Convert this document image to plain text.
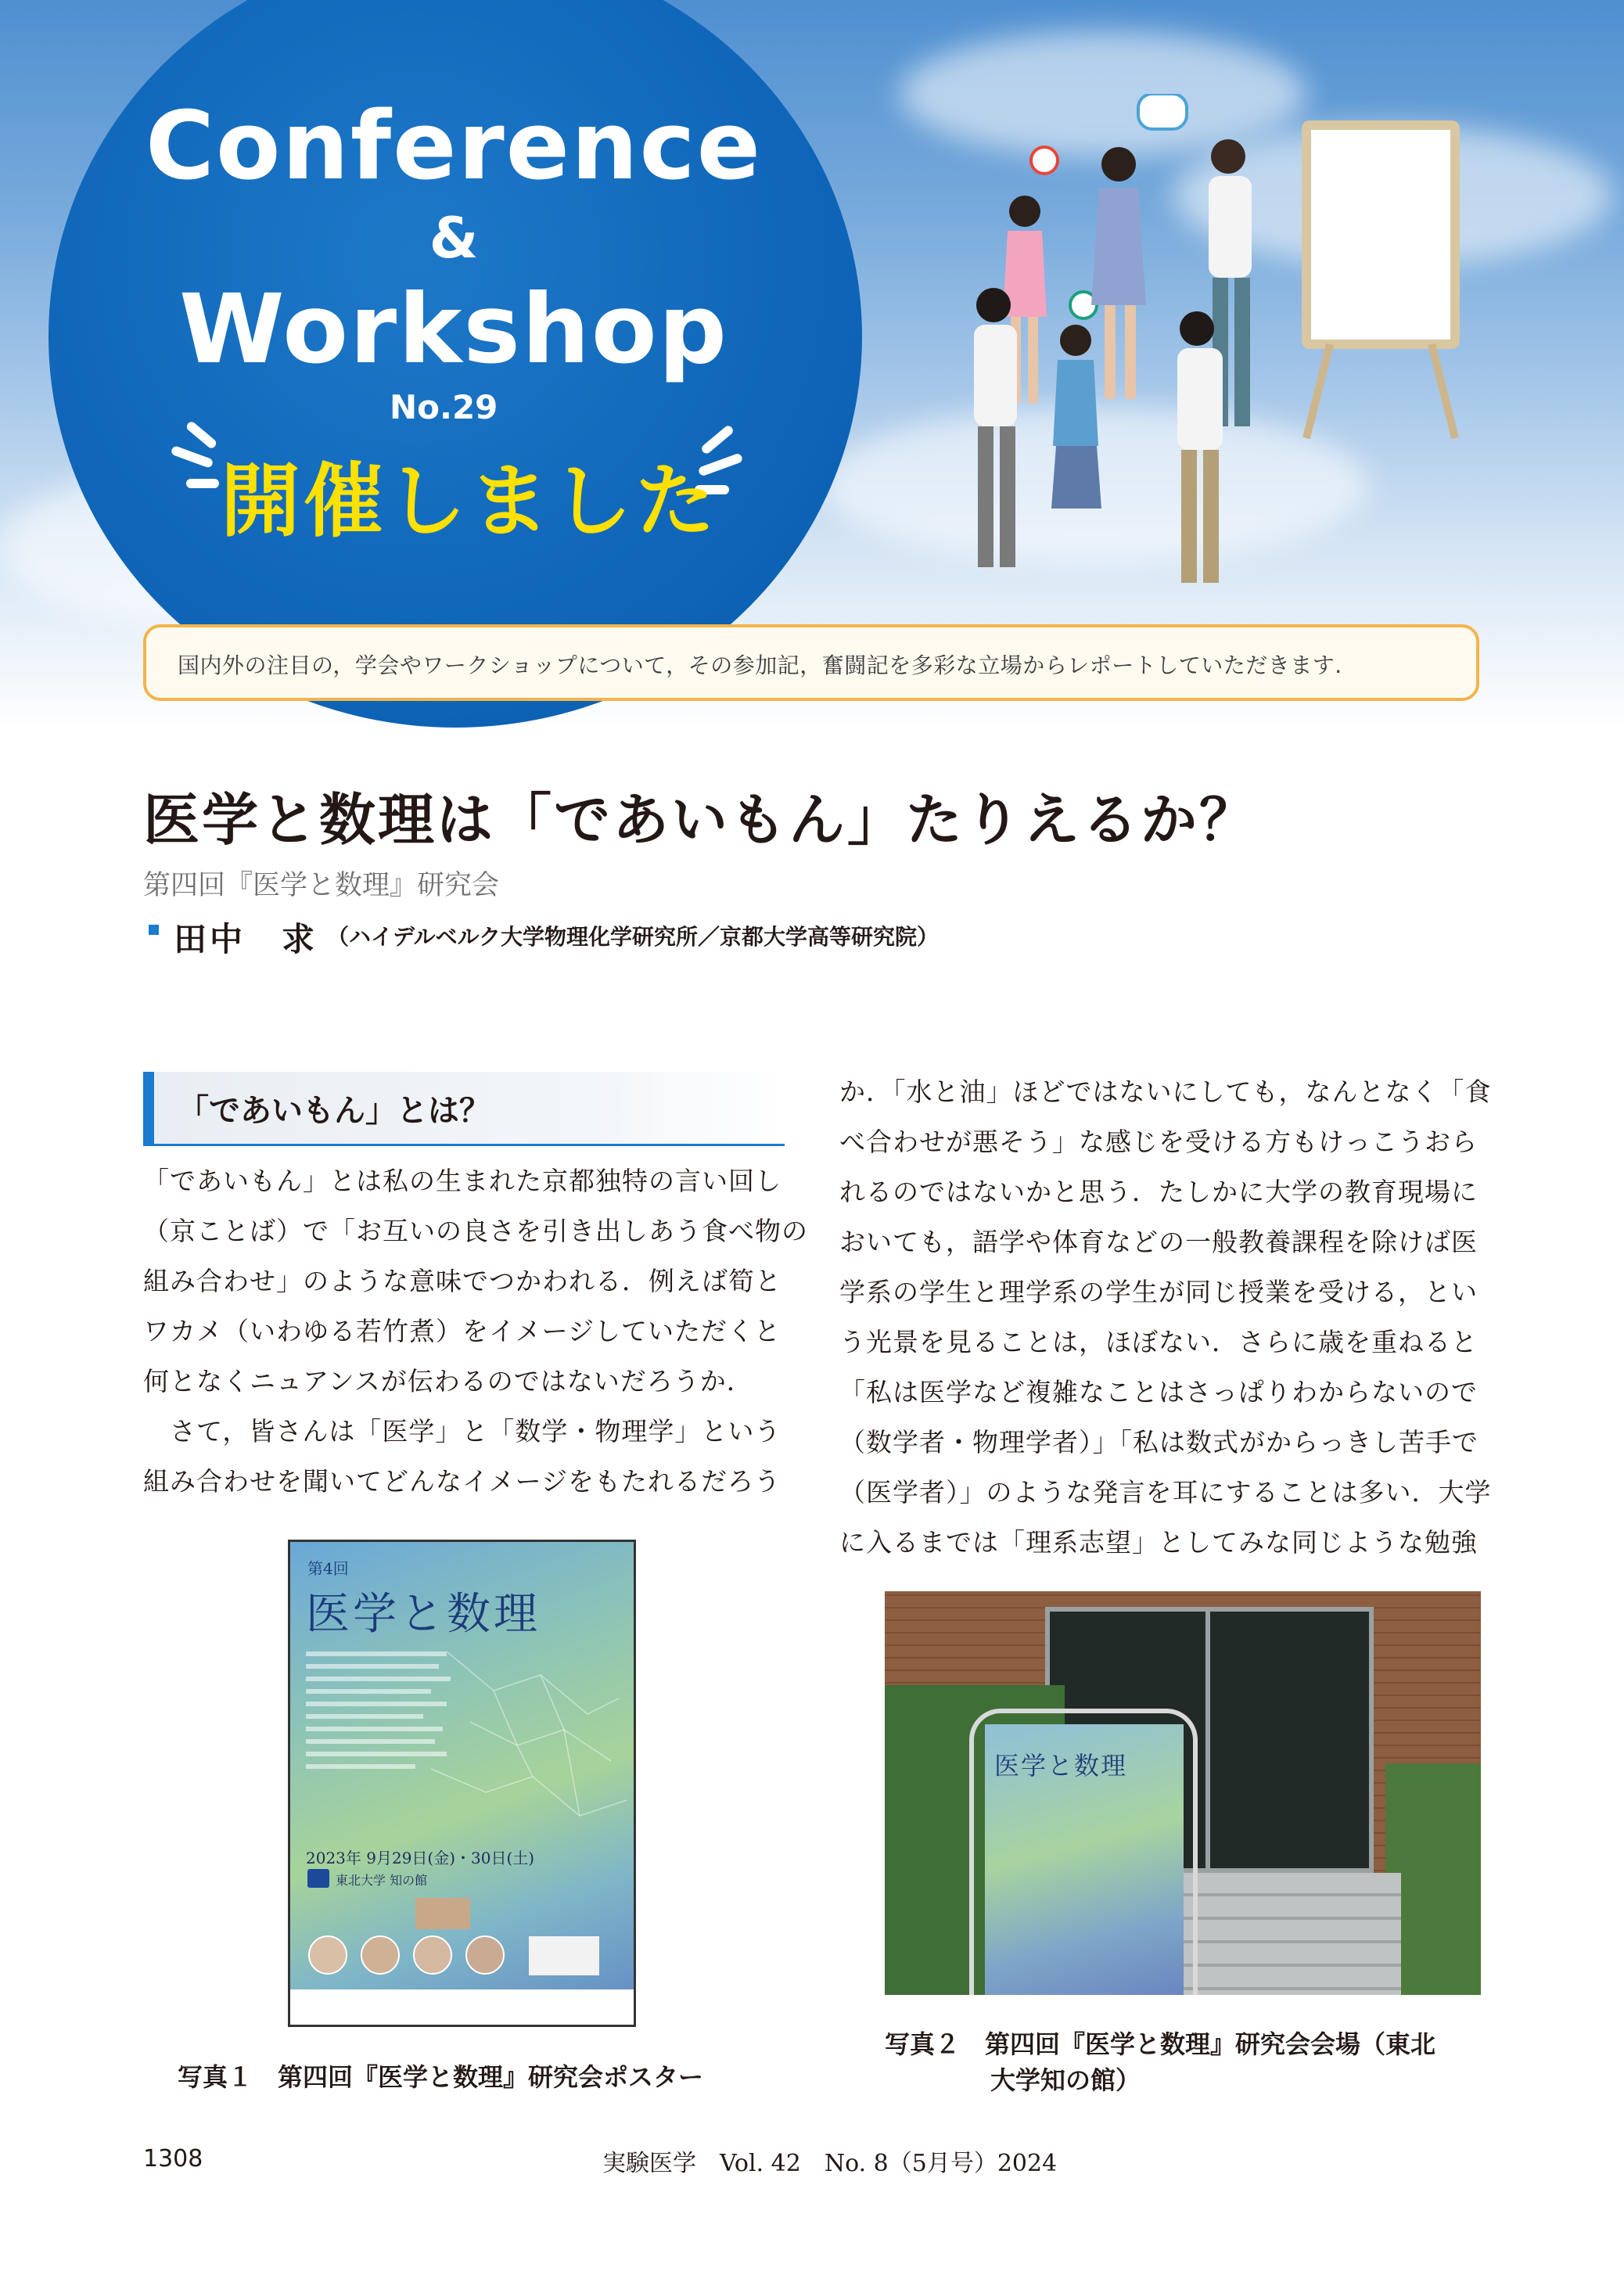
Conference
&
Workshop
No.29
開催しました
国内外の注目の，学会やワークショップについて，その参加記，奮闘記を多彩な立場からレポートしていただきます.
医学と数理は「であいもん」たりえるか？
第四回『医学と数理』研究会
田中　求 （ハイデルベルク大学物理化学研究所／京都大学高等研究院）
「であいもん」とは？
「であいもん」とは私の生まれた京都独特の言い回し
（京ことば）で「お互いの良さを引き出しあう食べ物の
組み合わせ」のような意味でつかわれる．例えば筍と
ワカメ（いわゆる若竹煮）をイメージしていただくと
何となくニュアンスが伝わるのではないだろうか．
　さて，皆さんは「医学」と「数学・物理学」という
組み合わせを聞いてどんなイメージをもたれるだろう
か．「水と油」ほどではないにしても，なんとなく「食
べ合わせが悪そう」な感じを受ける方もけっこうおら
れるのではないかと思う．たしかに大学の教育現場に
おいても，語学や体育などの一般教養課程を除けば医
学系の学生と理学系の学生が同じ授業を受ける，とい
う光景を見ることは，ほぼない．さらに歳を重ねると
「私は医学など複雑なことはさっぱりわからないので
（数学者・物理学者）」「私は数式がからっきし苦手で
（医学者）」のような発言を耳にすることは多い．大学
に入るまでは「理系志望」としてみな同じような勉強
第4回
医学と数理
2023年 9月29日(金)・30日(土)
東北大学 知の館
写真１　第四回『医学と数理』研究会ポスター
医学と数理
写真２　第四回『医学と数理』研究会会場（東北
大学知の館）
1308	実験医学　Vol. 42　No. 8（5月号）2024
